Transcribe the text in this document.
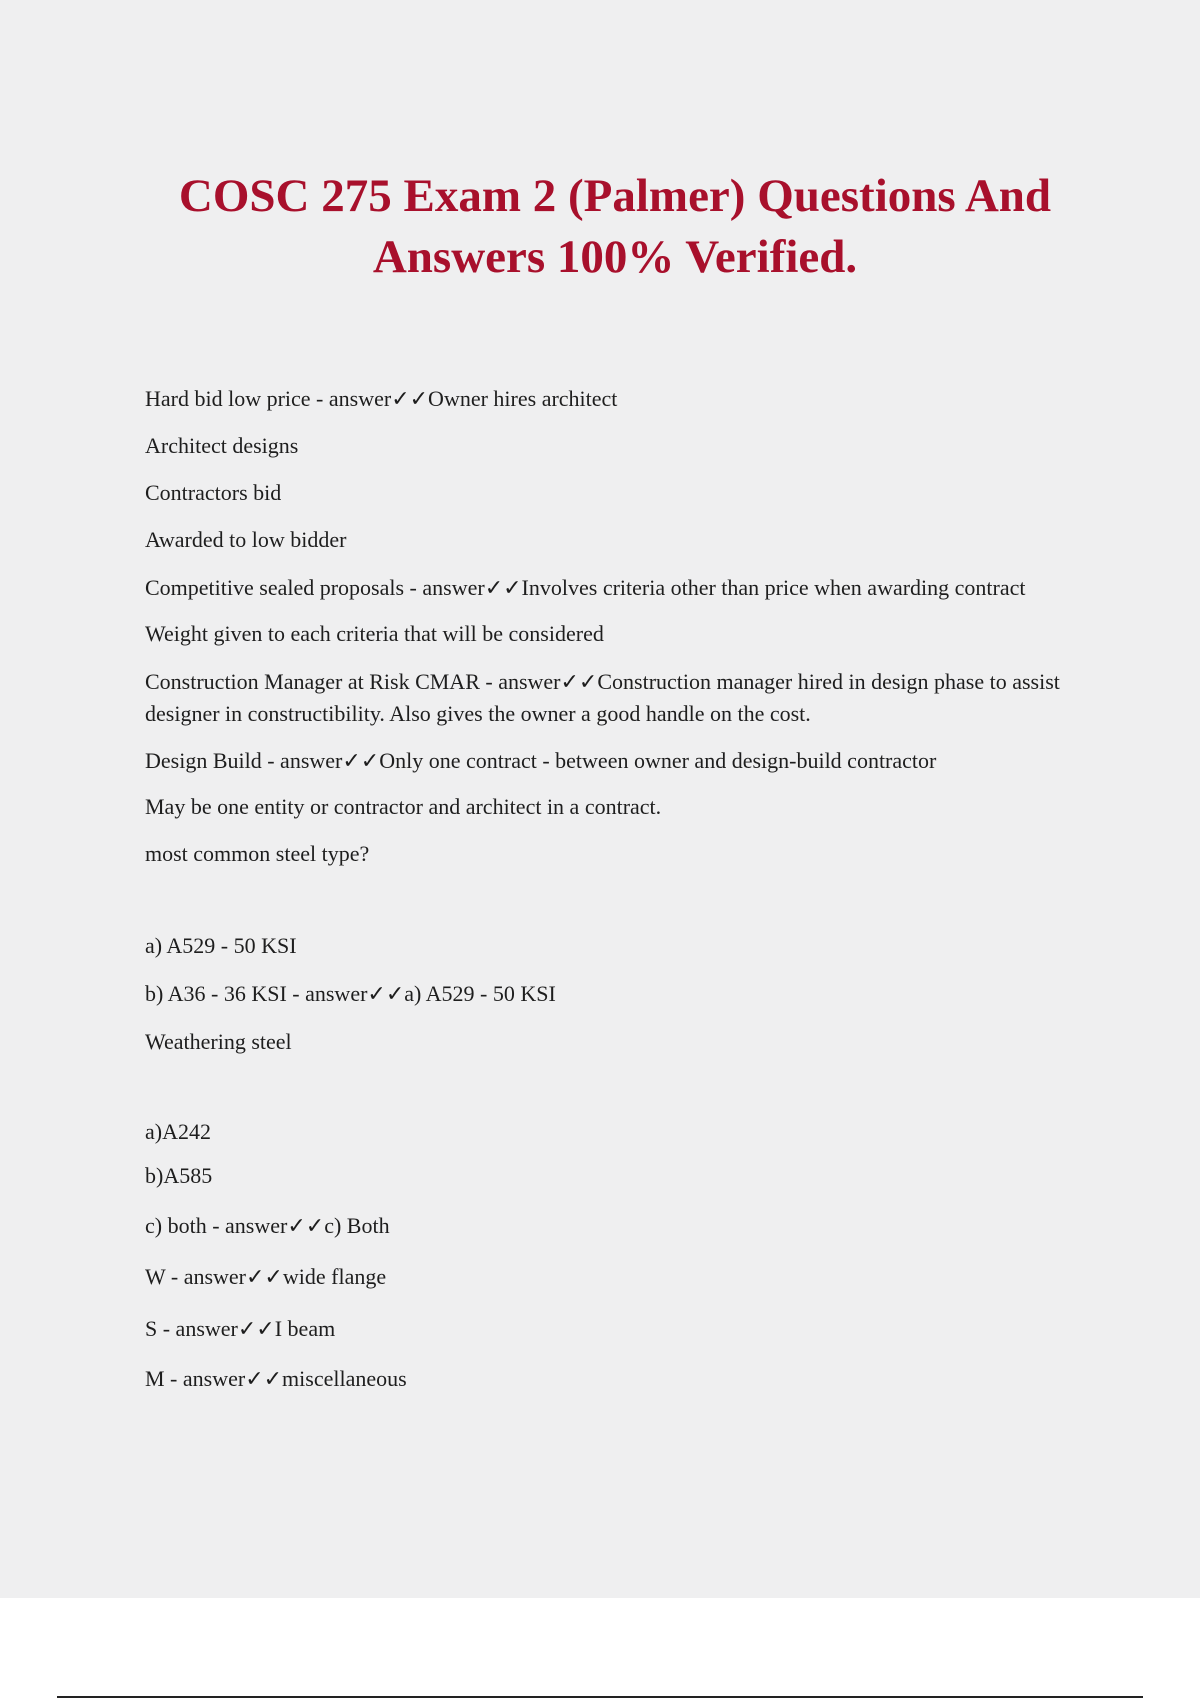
COSC 275 Exam 2 (Palmer) Questions And Answers 100% Verified.

Hard bid low price - answer✓✓Owner hires architect

Architect designs

Contractors bid

Awarded to low bidder

Competitive sealed proposals - answer✓✓Involves criteria other than price when awarding contract

Weight given to each criteria that will be considered

Construction Manager at Risk CMAR - answer✓✓Construction manager hired in design phase to assist designer in constructibility. Also gives the owner a good handle on the cost.

Design Build - answer✓✓Only one contract - between owner and design-build contractor

May be one entity or contractor and architect in a contract.

most common steel type?

a) A529 - 50 KSI

b) A36 - 36 KSI - answer✓✓a) A529 - 50 KSI

Weathering steel

a)A242

b)A585

c) both - answer✓✓c) Both

W - answer✓✓wide flange

S - answer✓✓I beam

M - answer✓✓miscellaneous
